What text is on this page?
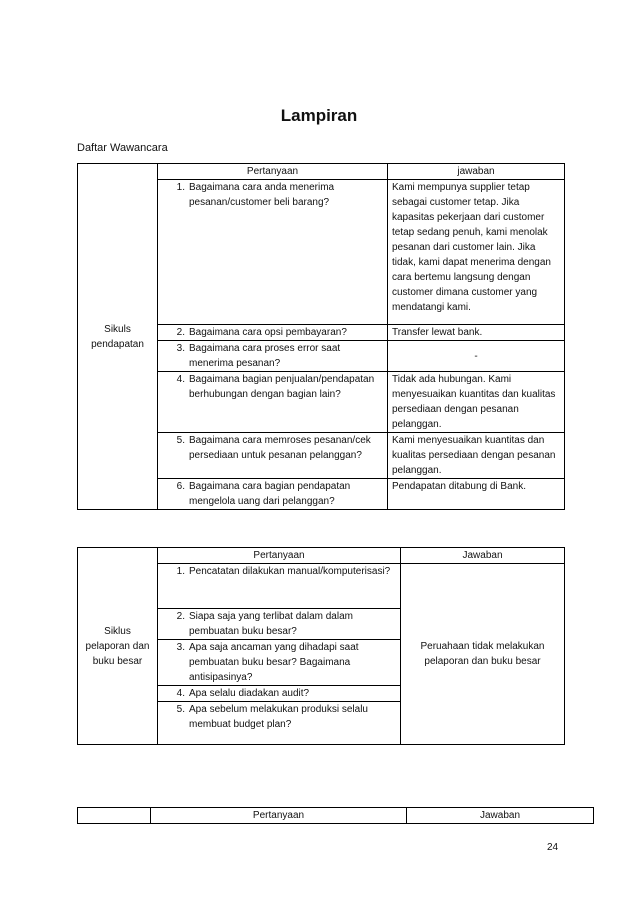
Lampiran
Daftar Wawancara
Sikuls pendapatan	Pertanyaan	jawaban

	1. Bagaimana cara anda menerima pesanan/customer beli barang?	Kami mempunya supplier tetap sebagai customer tetap. Jika kapasitas pekerjaan dari customer tetap sedang penuh, kami menolak pesanan dari customer lain. Jika tidak, kami dapat menerima dengan cara bertemu langsung dengan customer dimana customer yang mendatangi kami.

	2. Bagaimana cara opsi pembayaran?	Transfer lewat bank.

	3. Bagaimana cara proses error saat menerima pesanan?	-

	4. Bagaimana bagian penjualan/pendapatan berhubungan dengan bagian lain?	Tidak ada hubungan. Kami menyesuaikan kuantitas dan kualitas persediaan dengan pesanan pelanggan.

	5. Bagaimana cara memroses pesanan/cek persediaan untuk pesanan pelanggan?	Kami menyesuaikan kuantitas dan kualitas persediaan dengan pesanan pelanggan.

	6. Bagaimana cara bagian pendapatan mengelola uang dari pelanggan?	Pendapatan ditabung di Bank.
Siklus pelaporan dan buku besar	Pertanyaan	Jawaban

	1. Pencatatan dilakukan manual/komputerisasi?	Peruahaan tidak melakukan pelaporan dan buku besar

	2. Siapa saja yang terlibat dalam dalam pembuatan buku besar?	

	3. Apa saja ancaman yang dihadapi saat pembuatan buku besar? Bagaimana antisipasinya?	

	4. Apa selalu diadakan audit?	

	5. Apa sebelum melakukan produksi selalu membuat budget plan?	
	Pertanyaan	Jawaban
24
